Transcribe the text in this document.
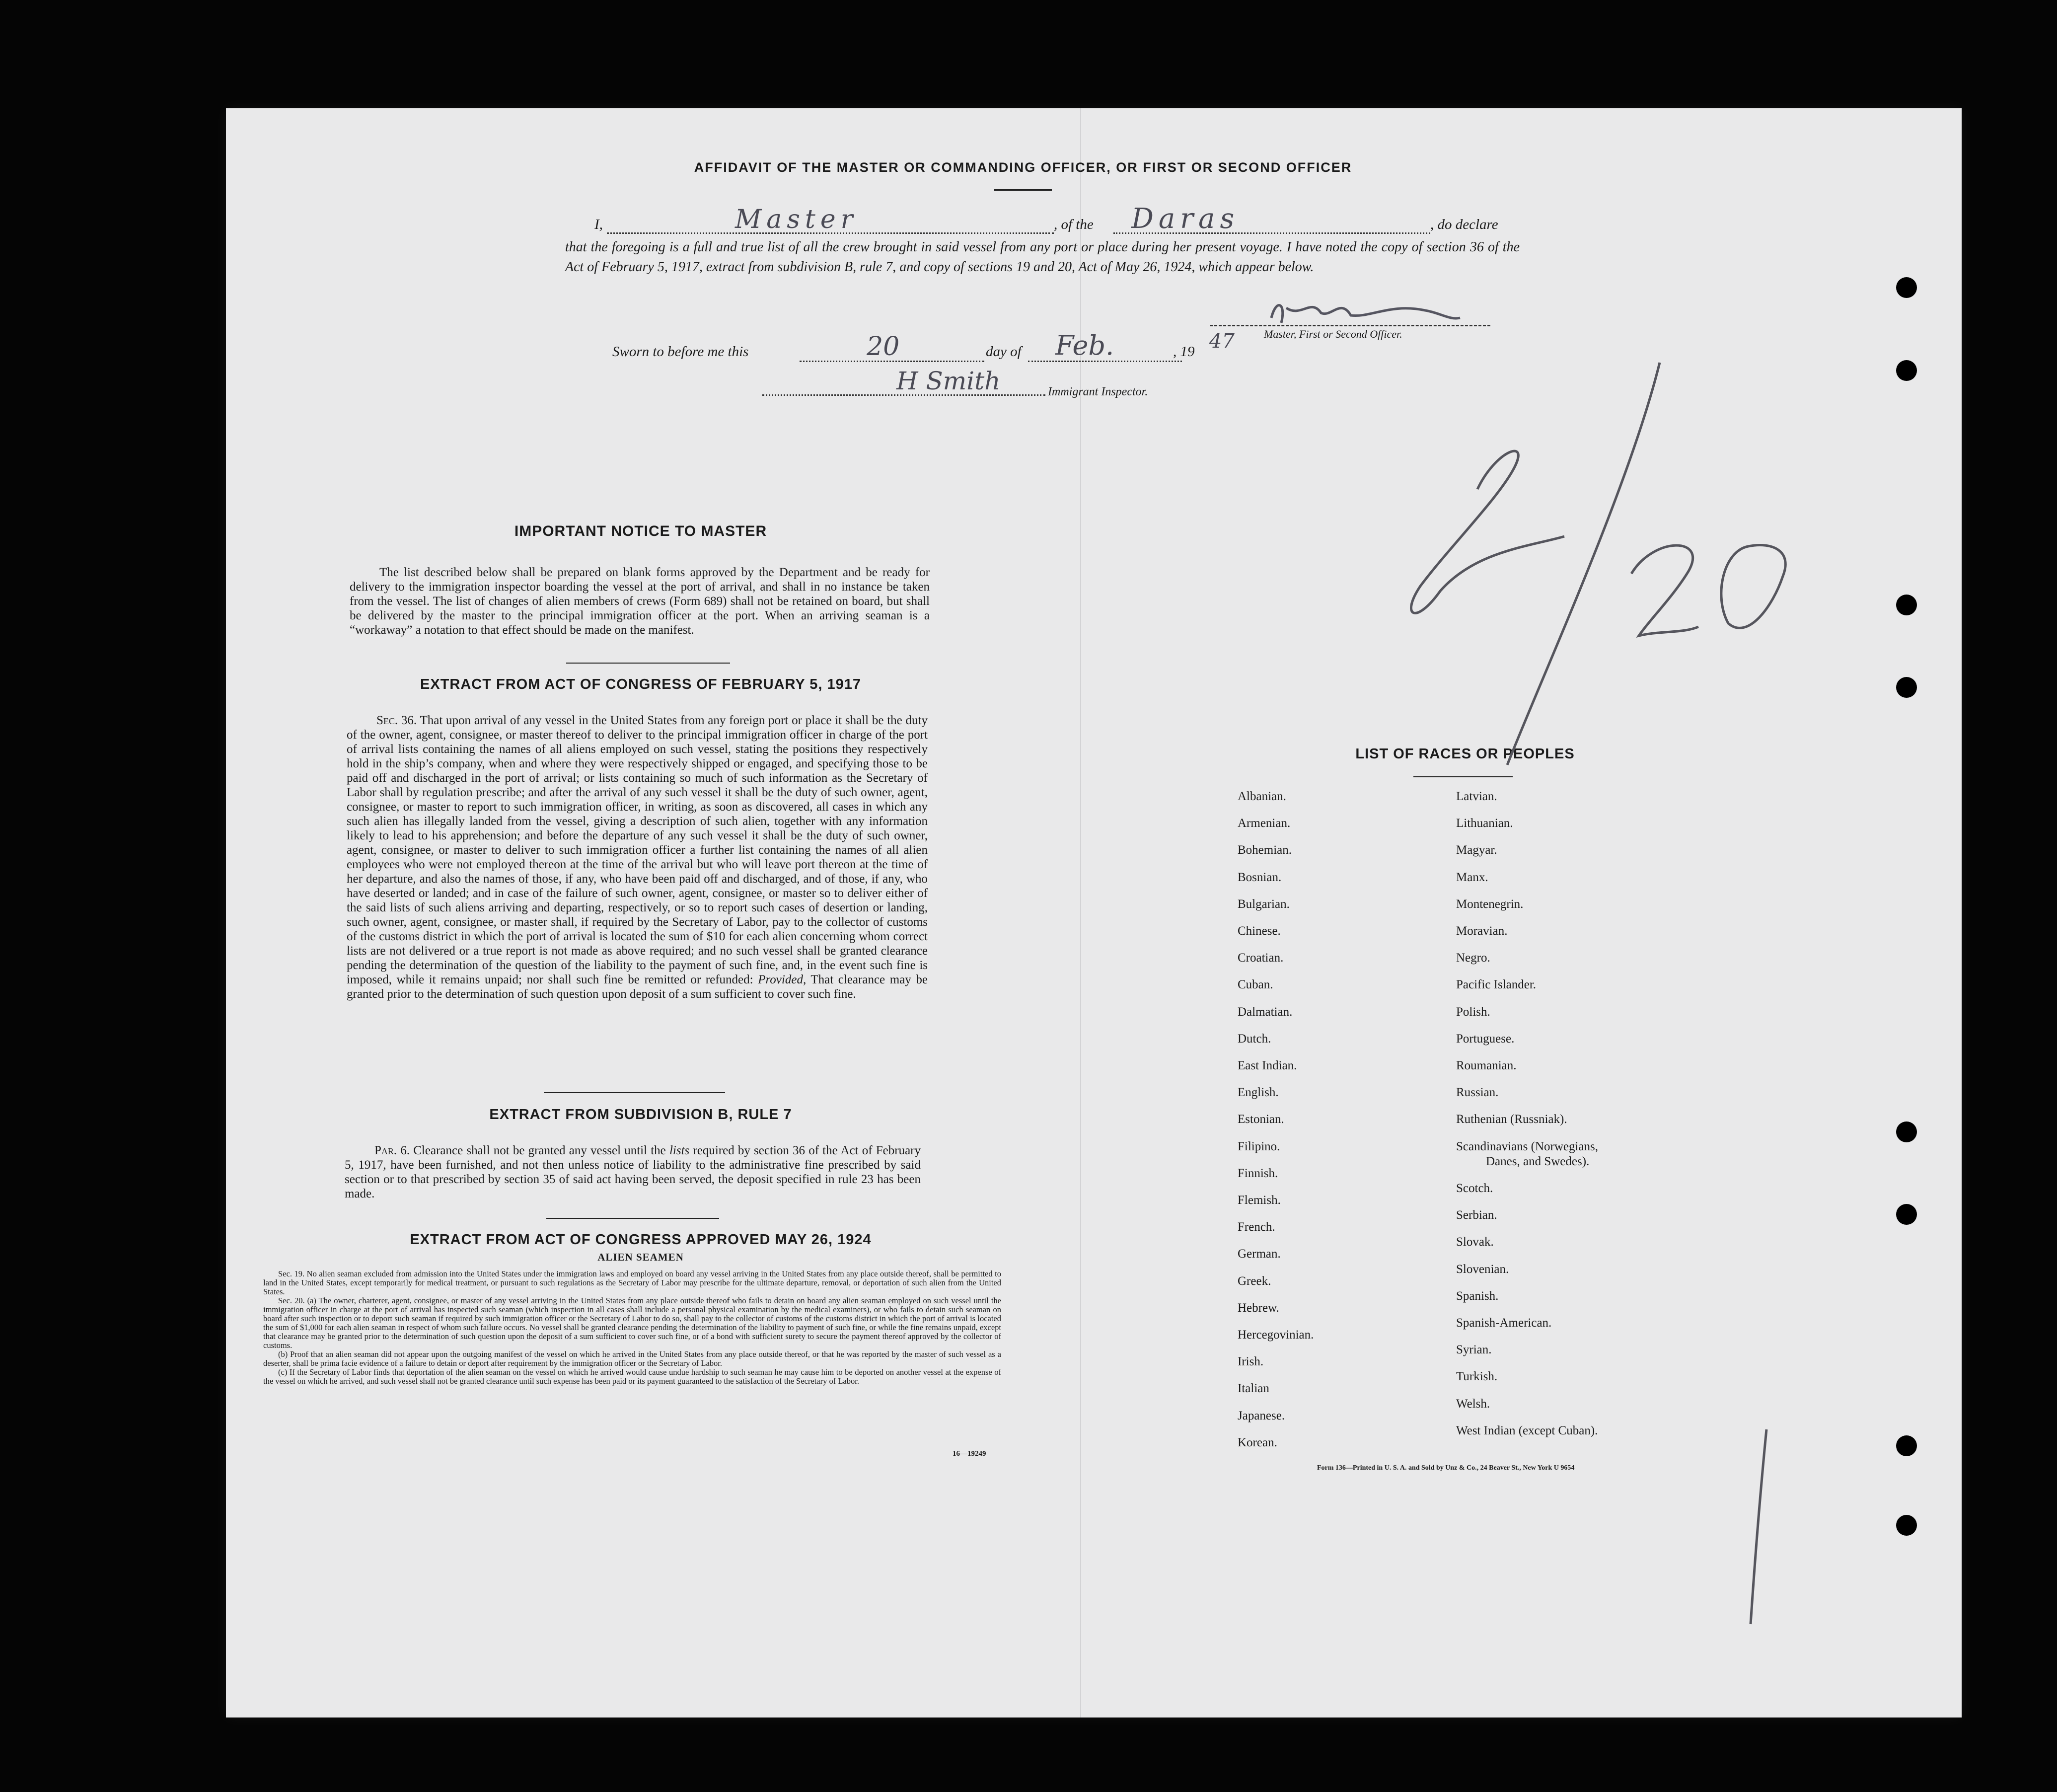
AFFIDAVIT OF THE MASTER OR COMMANDING OFFICER, OR FIRST OR SECOND OFFICER
I,	Master	, of the Daras	, do declare
that the foregoing is a full and true list of all the crew brought in said vessel from any port or place during her present voyage. I have noted the copy of section 36 of the Act of February 5, 1917, extract from subdivision B, rule 7, and copy of sections 19 and 20, Act of May 26, 1924, which appear below.
Master, First or Second Officer.
Sworn to before me this	20	day of Feb.	, 19 47
H Smith	Immigrant Inspector.
IMPORTANT NOTICE TO MASTER

The list described below shall be prepared on blank forms approved by the Department and be ready for delivery to the immigration inspector boarding the vessel at the port of arrival, and shall in no instance be taken from the vessel. The list of changes of alien members of crews (Form 689) shall not be retained on board, but shall be delivered by the master to the principal immigration officer at the port. When an arriving seaman is a “workaway” a notation to that effect should be made on the manifest.

EXTRACT FROM ACT OF CONGRESS OF FEBRUARY 5, 1917

Sec. 36. That upon arrival of any vessel in the United States from any foreign port or place it shall be the duty of the owner, agent, consignee, or master thereof to deliver to the principal immigration officer in charge of the port of arrival lists containing the names of all aliens employed on such vessel, stating the positions they respectively hold in the ship’s company, when and where they were respectively shipped or engaged, and specifying those to be paid off and discharged in the port of arrival; or lists containing so much of such information as the Secretary of Labor shall by regulation prescribe; and after the arrival of any such vessel it shall be the duty of such owner, agent, consignee, or master to report to such immigration officer, in writing, as soon as discovered, all cases in which any such alien has illegally landed from the vessel, giving a description of such alien, together with any information likely to lead to his apprehension; and before the departure of any such vessel it shall be the duty of such owner, agent, consignee, or master to deliver to such immigration officer a further list containing the names of all alien employees who were not employed thereon at the time of the arrival but who will leave port thereon at the time of her departure, and also the names of those, if any, who have been paid off and discharged, and of those, if any, who have deserted or landed; and in case of the failure of such owner, agent, consignee, or master so to deliver either of the said lists of such aliens arriving and departing, respectively, or so to report such cases of desertion or landing, such owner, agent, consignee, or master shall, if required by the Secretary of Labor, pay to the collector of customs of the customs district in which the port of arrival is located the sum of $10 for each alien concerning whom correct lists are not delivered or a true report is not made as above required; and no such vessel shall be granted clearance pending the determination of the question of the liability to the payment of such fine, and, in the event such fine is imposed, while it remains unpaid; nor shall such fine be remitted or refunded: Provided, That clearance may be granted prior to the determination of such question upon deposit of a sum sufficient to cover such fine.

EXTRACT FROM SUBDIVISION B, RULE 7

Par. 6. Clearance shall not be granted any vessel until the lists required by section 36 of the Act of February 5, 1917, have been furnished, and not then unless notice of liability to the administrative fine prescribed by said section or to that prescribed by section 35 of said act having been served, the deposit specified in rule 23 has been made.

EXTRACT FROM ACT OF CONGRESS APPROVED MAY 26, 1924
ALIEN SEAMEN

Sec. 19. No alien seaman excluded from admission into the United States under the immigration laws and employed on board any vessel arriving in the United States from any place outside thereof, shall be permitted to land in the United States, except temporarily for medical treatment, or pursuant to such regulations as the Secretary of Labor may prescribe for the ultimate departure, removal, or deportation of such alien from the United States.

Sec. 20. (a) The owner, charterer, agent, consignee, or master of any vessel arriving in the United States from any place outside thereof who fails to detain on board any alien seaman employed on such vessel until the immigration officer in charge at the port of arrival has inspected such seaman (which inspection in all cases shall include a personal physical examination by the medical examiners), or who fails to detain such seaman on board after such inspection or to deport such seaman if required by such immigration officer or the Secretary of Labor to do so, shall pay to the collector of customs of the customs district in which the port of arrival is located the sum of $1,000 for each alien seaman in respect of whom such failure occurs. No vessel shall be granted clearance pending the determination of the liability to payment of such fine, or while the fine remains unpaid, except that clearance may be granted prior to the determination of such question upon the deposit of a sum sufficient to cover such fine, or of a bond with sufficient surety to secure the payment thereof approved by the collector of customs.

(b) Proof that an alien seaman did not appear upon the outgoing manifest of the vessel on which he arrived in the United States from any place outside thereof, or that he was reported by the master of such vessel as a deserter, shall be prima facie evidence of a failure to detain or deport after requirement by the immigration officer or the Secretary of Labor.

(c) If the Secretary of Labor finds that deportation of the alien seaman on the vessel on which he arrived would cause undue hardship to such seaman he may cause him to be deported on another vessel at the expense of the vessel on which he arrived, and such vessel shall not be granted clearance until such expense has been paid or its payment guaranteed to the satisfaction of the Secretary of Labor.

16—19249
LIST OF RACES OR PEOPLES
Albanian.
Armenian.
Bohemian.
Bosnian.
Bulgarian.
Chinese.
Croatian.
Cuban.
Dalmatian.
Dutch.
East Indian.
English.
Estonian.
Filipino.
Finnish.
Flemish.
French.
German.
Greek.
Hebrew.
Hercegovinian.
Irish.
Italian
Japanese.
Korean.
Latvian.
Lithuanian.
Magyar.
Manx.
Montenegrin.
Moravian.
Negro.
Pacific Islander.
Polish.
Portuguese.
Roumanian.
Russian.
Ruthenian (Russniak).
Scandinavians (Norwegians,
Danes, and Swedes).
Scotch.
Serbian.
Slovak.
Slovenian.
Spanish.
Spanish-American.
Syrian.
Turkish.
Welsh.
West Indian (except Cuban).
Form 136—Printed in U. S. A. and Sold by Unz & Co., 24 Beaver St., New York U 9654
